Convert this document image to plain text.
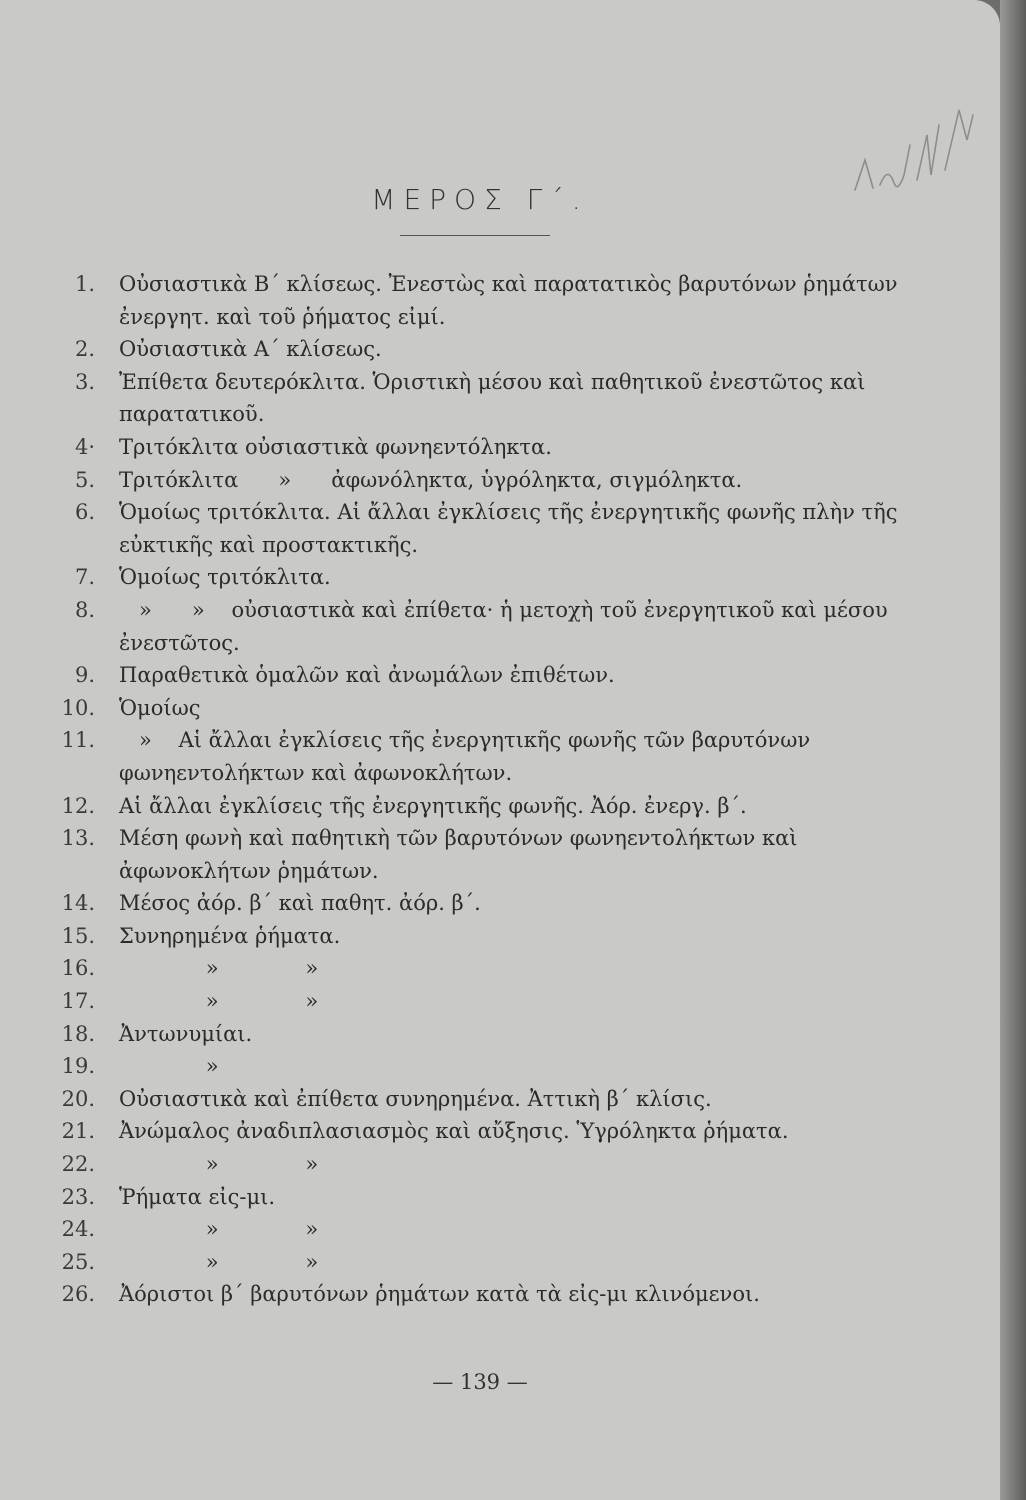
ΜΕΡΟΣ Γ΄.
1.	Οὐσιαστικὰ Β΄ κλίσεως. Ἐνεστὼς καὶ παρατατικὸς βαρυτόνων ῥημάτων ἐνεργητ. καὶ τοῦ ῥήματος εἰμί.
2.	Οὐσιαστικὰ Α΄ κλίσεως.
3.	Ἐπίθετα δευτερόκλιτα. Ὁριστικὴ μέσου καὶ παθητικοῦ ἐνεστῶτος καὶ παρατατικοῦ.
4·	Τριτόκλιτα οὐσιαστικὰ φωνηεντόληκτα.
5.	Τριτόκλιτα      »      ἀφωνόληκτα, ὑγρόληκτα, σιγμόληκτα.
6.	Ὁμοίως τριτόκλιτα. Αἱ ἄλλαι ἐγκλίσεις τῆς ἐνεργητικῆς φωνῆς πλὴν τῆς εὐκτικῆς καὶ προστακτικῆς.
7.	Ὁμοίως τριτόκλιτα.
8.	»      »    οὐσιαστικὰ καὶ ἐπίθετα· ἡ μετοχὴ τοῦ ἐνεργητικοῦ καὶ μέσου ἐνεστῶτος.
9.	Παραθετικὰ ὁμαλῶν καὶ ἀνωμάλων ἐπιθέτων.
10.	Ὁμοίως
11.	»    Αἱ ἄλλαι ἐγκλίσεις τῆς ἐνεργητικῆς φωνῆς τῶν βαρυτόνων φωνηεντολήκτων καὶ ἀφωνοκλήτων.
12.	Αἱ ἄλλαι ἐγκλίσεις τῆς ἐνεργητικῆς φωνῆς. Ἀόρ. ἐνεργ. β΄.
13.	Μέση φωνὴ καὶ παθητικὴ τῶν βαρυτόνων φωνηεντολήκτων καὶ ἀφωνοκλήτων ῥημάτων.
14.	Μέσος ἀόρ. β΄ καὶ παθητ. ἀόρ. β΄.
15.	Συνηρημένα ῥήματα.
16.	»             »
17.	»             »
18.	Ἀντωνυμίαι.
19.	»
20.	Οὐσιαστικὰ καὶ ἐπίθετα συνηρημένα. Ἀττικὴ β΄ κλίσις.
21.	Ἀνώμαλος ἀναδιπλασιασμὸς καὶ αὔξησις. Ὑγρόληκτα ῥήματα.
22.	»             »
23.	Ῥήματα εἰς-μι.
24.	»             »
25.	»             »
26.	Ἀόριστοι β΄ βαρυτόνων ῥημάτων κατὰ τὰ εἰς-μι κλινόμενοι.
— 139 —
